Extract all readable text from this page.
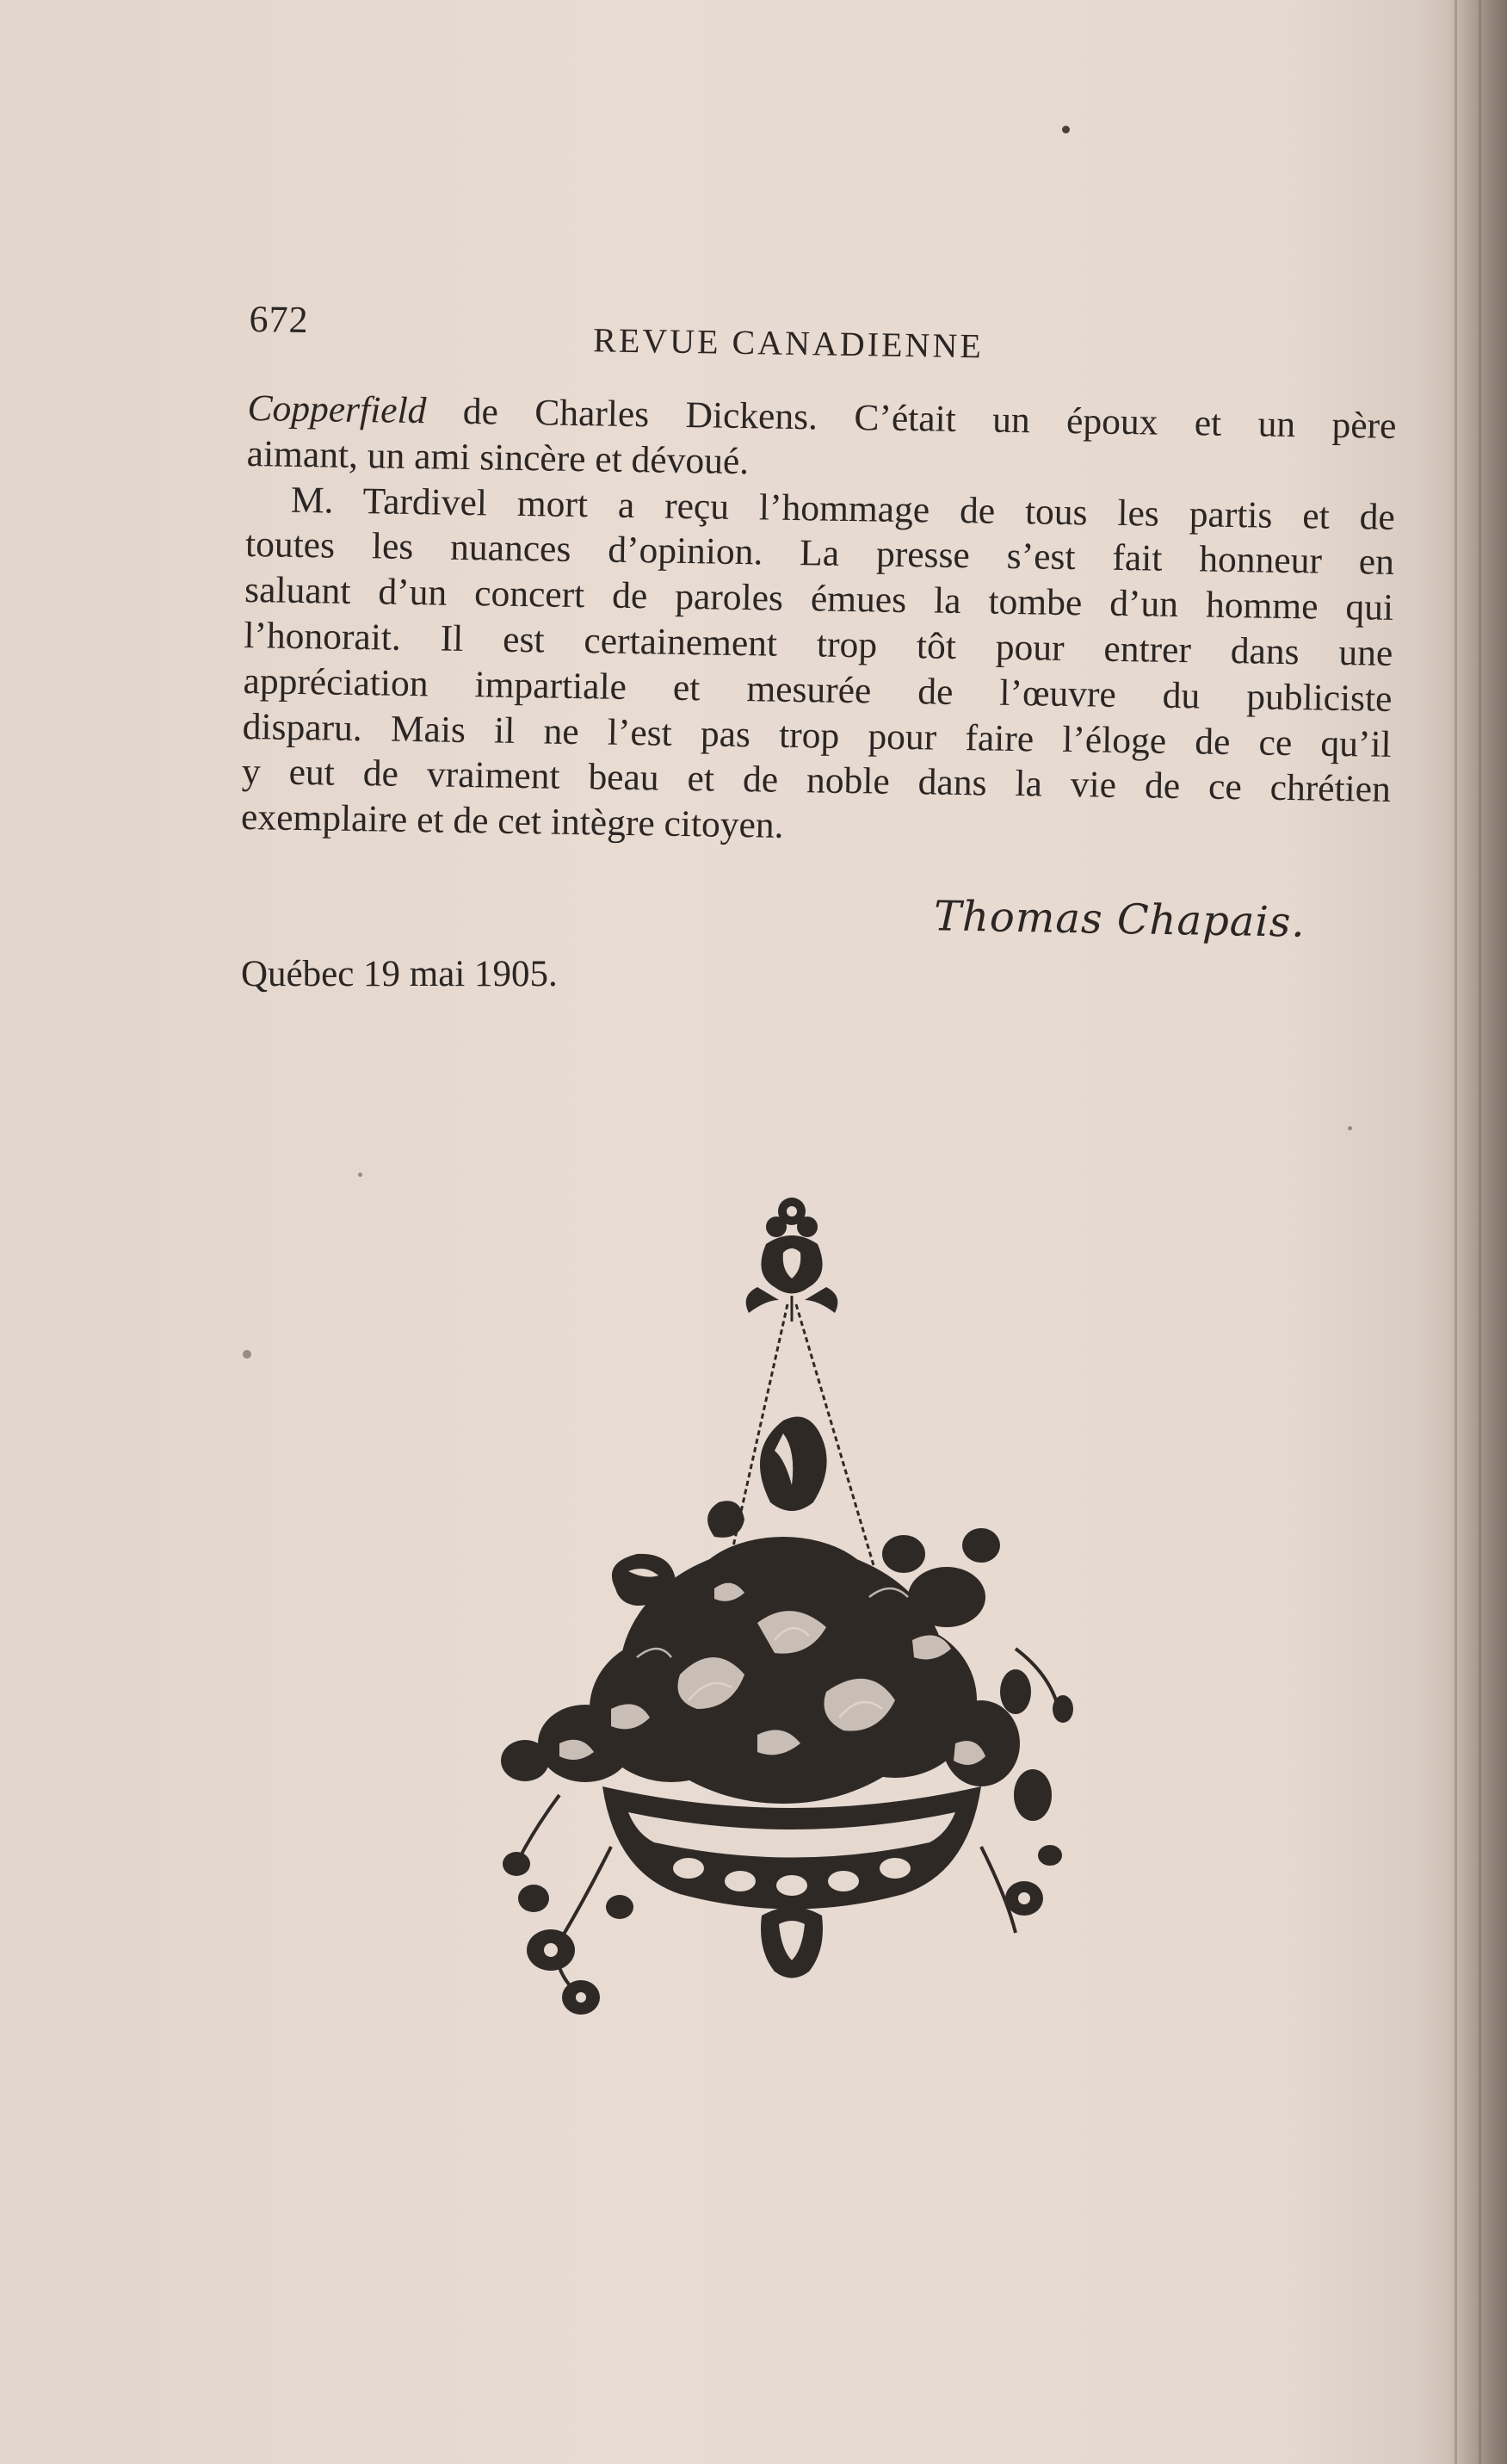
672
REVUE CANADIENNE
Copperfield de Charles Dickens. C’était un époux et un père
aimant, un ami sincère et dévoué.
M. Tardivel mort a reçu l’hommage de tous les partis et de
toutes les nuances d’opinion. La presse s’est fait honneur en
saluant d’un concert de paroles émues la tombe d’un homme qui
l’honorait. Il est certainement trop tôt pour entrer dans une
appréciation impartiale et mesurée de l’œuvre du publiciste
disparu. Mais il ne l’est pas trop pour faire l’éloge de ce qu’il
y eut de vraiment beau et de noble dans la vie de ce chrétien
exemplaire et de cet intègre citoyen.
Thomas Chapais.
Québec 19 mai 1905.
